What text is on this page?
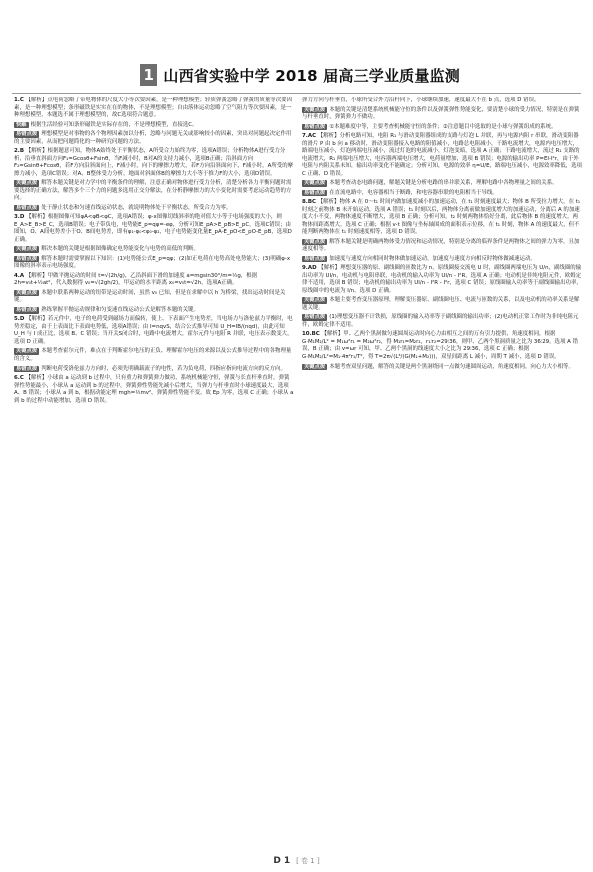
1 山西省实验中学 2018 届高三学业质量监测
1.C 【解析】点电荷忽略了带电物体的尺度大小等次要因素，是一种理想模型；轻质弹簧忽略了弹簧的质量等次要因素，是一种理想模型；条形磁铁是实实在在的物体，不是理想模型；自由落体运动忽略了空气阻力等次要因素，是一种理想模型，本题选不属于理想模型的，故C选项符合题意。
快解 根据生活经验可知条形磁铁是实际存在的，不是理想模型，直接选C。
易错点拨 理想模型是对事物的各个物理因素加以分析，忽略与问题无关或影响较小的因素，突出对问题起决定作用的主要因素，从而把问题简化的一种研究问题的方法。
2.B 【解析】根据题意可知，物体A始终处于平衡状态，A所受合力始终为零，选项A错误；分析物体A进行受力分析，沿垂直斜面方向F₁=Gcosθ+Fsinθ，当F减小时，B对A的支持力减小，选项B正确；沿斜面方向F₂=Gsinθ+Fcosθ，若F方向沿斜面向上，F减小时，向下的摩擦力增大，若F方向沿斜面向下，F减小时，A所受的摩擦力减小，选项C错误；对A、B整体受力分析，地面对斜面体B的摩擦力大小等于推力F的大小，选项D错误。
关键点拨 解答本题关键是对力学中的平衡条件的理解，注意正确对物体进行受力分析，清楚分析各力平衡问题时需要选择的正确方法，解答多个三个力的问题多选用正交分解法，在分析静摩擦力的大小变化时需要考虑运动趋势的方向。
易错点拨 处于静止状态和匀速直线运动状态，就说明物体处于平衡状态，所受合力为零。
3.D 【解析】根据图像可知φA<φB<φC，选项A错误；φ-x图像切线斜率的绝对值大小等于电场强度的大小，则E_A>E_B>E_C，选项B错误；电子带负电，电势能E_p=qφ=-eφ，分析可知E_pA>E_pB>E_pC，选项C错误；由图知，O、A间电势差小于O、B间电势差，即有φ₁-φ₀<φ₀-φ₂，电子电势能变化量E_pA-E_pO<E_pO-E_pB，选项D正确。
关键点拨 解决本题的关键是根据图像确定电势能变化与电势的高低的判断。
易错点拨 解答本题时需要掌握以下知识：(1)电势能公式E_p=qφ；(2)如正电荷在电势高处电势能大；(3)明确φ-x图像的斜率表示电场强度。
4.A 【解析】甲做平抛运动的时间 t=√(2h/g)，乙沿斜面下滑的加速度 a=mgsin30°/m=½g，根据 2h=v₀t+½at²，代入数据得 v₀=√(2gh/2)，甲运动的水平距离 x₀=v₀t=√2h，选项A正确。
关键点拨 本题中联系两种运动的纽带是运动时间，虽然 v₀ 已知，但是在求解中以 h 为桥梁，找出运动时间是关键。
易错点拨 熟练掌握平抛运动规律和匀变速直线运动公式是解答本题的关键。
5.D 【解析】若元件中，电子的电荷受到磁场力而偏转，使上、下表面产生电势差，当电场力与洛伦兹力平衡时，电势差稳定，由于上表面比下表面电势低，选项A错误；由 I=nqvS，结合公式推导可知 U_H=IB/(nqd)，由此可知 U_H 与 I 成正比，选项 B、C 错误；当开关S闭合时，电路中电流增大，霍尔元件与电阻 R 并联，电压表示数变大，选项 D 正确。
关键点拨 本题考查霍尔元件，难点在于判断霍尔电压的正负、理解霍尔电压的来源以及公式推导过程中的各物理量的含义。
易错点拨 判断电荷受洛伦兹力方向时，必须先明确载流子的电性，若为负电荷，四指应指向电流方向的反方向。
6.C 【解析】小球由 a 运动到 b 过程中，只有重力和弹簧弹力做功，系统机械能守恒，弹簧与长直杆垂直时，弹簧弹性势能最小，小球从 a 运动到 b 的过程中，弹簧弹性势能先减小后增大，当弹力与杆垂直时小球速度最大，选项 A、B 错误；小球从 a 到 b，根据动能定理 mgh=½mv²，弹簧弹性势能不变，故 Ep 为零，选项 C 正确；小球从 a 到 b 的过程中动能增加，选项 D 错误。
弹力方向与杆垂直，小球所受合外力沿杆向下，小球继续加速，速度最大不在 b 点，选项 D 错误。
关键点拨 本题的关键是清楚系统机械能守恒的条件以及弹簧弹性势能变化，要清楚小球的受力情况，特别是在弹簧与杆垂直时，弹簧弹力不做功。
易错点拨 ①本题难度中等，主要考查机械能守恒的条件；②注意题目中选取的是小球与弹簧组成的系统。
7.AC 【解析】分析电路可知，电阻 R₁ 与滑动变阻器组成的支路与灯泡 L 并联，再与电源内阻 r 串联，滑动变阻器的滑片 P 由 b 向 a 移动时，滑动变阻器接入电路的阻值减小，电路总电阻减小，干路电流增大，电源内电压增大，路端电压减小，灯泡两端电压减小，流过灯泡的电流减小，灯泡变暗，选项 A 正确；干路电流增大，流过 R₁ 支路的电流增大，R₁ 两端电压增大，电容器两端电压增大，电荷量增加，选项 B 错误；电源的输出功率 P=EI-I²r，由于外电阻与内阻关系未知，输出功率变化不能确定；分析可知，电源的效率 η=U/E，路端电压减小，电源效率降低，选项 C 正确、D 错误。
关键点拨 本题考查动态电路问题，解题关键是分析电路的串并联关系，理解电路中各物理量之间的关系。
易错点拨 在直流电路中，电容器相当于断路，和电容器串联的电阻相当于导线。
8.BC 【解析】物体 A 在 0～t₁ 时间内做加速度减小的加速运动，在 t₁ 时刻速度最大；物体 B 所受拉力增大，在 t₁ 时刻之前物体 B 未开始运动，选项 A 错误；t₁ 时刻以后，两物体分离前做加速度增大的加速运动，分离后 A 的加速度大小不变，两物体速度不断增大，选项 B 正确；分析可知，t₂ 时刻两物体恰好分离，此后物体 B 的速度增大，两物体间距离增大，选项 C 正确；根据 v-t 图像与坐标轴围成的面积表示位移，在 t₁ 时刻，物体 A 的速度最大，但不能判断两物体在 t₁ 时刻速度相等，选项 D 错误。
关键点拨 解答本题关键是明确两物体受力情况和运动情况，特别是分离的临界条件是两物体之间的弹力为零，且加速度相等。
易错点拨 加速度与速度方向相同时物体做加速运动，加速度与速度方向相反时物体做减速运动。
9.AD 【解析】理想变压器的原、副线圈的匝数比为 n，原线圈接交流电 U 时，副线圈两端电压为 U/n，副线圈的输出功率为 UI/n，电动机与电阻串联，电动机的输入功率为 UI/n - I²R，选项 A 正确；电动机是非纯电阻元件，欧姆定律不适用，选项 B 错误；电动机的输出功率为 UI/n - I²R - I²r，选项 C 错误；原线圈输入功率等于副线圈输出功率，原线圈中的电流为 I/n，选项 D 正确。
关键点拨 本题主要考查变压器原理，理解变压器原、副线圈电压、电流与匝数的关系，以及电动机的功率关系是解题关键。
易错点拨 (1)理想变压器不计铁损，原线圈的输入功率等于副线圈的输出功率；(2)电动机正常工作时为非纯电阻元件，欧姆定律不适用。
10.BC 【解析】甲、乙两个黑洞做匀速圆周运动时向心力由相互之间的万有引力提供，角速度相同，根据 G·M₁M₂/L² = M₁ω²r₁ = M₂ω²r₂，得 M₁r₁=M₂r₂，r₁∶r₂=29∶36，则甲、乙两个黑洞质量之比为 36∶29，选项 A 错误、B 正确；由 v=ωr 可知，甲、乙两个黑洞的线速度大小之比为 29∶36，选项 C 正确；根据 G·M₁M₂/L²=M₁·4π²r₁/T²，得 T=2π√(L³/(G(M₁+M₂)))，双星间距离 L 减小，周期 T 减小，选项 D 错误。
关键点拨 本题考查双星问题，解答的关键是两个黑洞绕同一点做匀速圆周运动，角速度相同，向心力大小相等。
D 1 [ 卷 1 ]
